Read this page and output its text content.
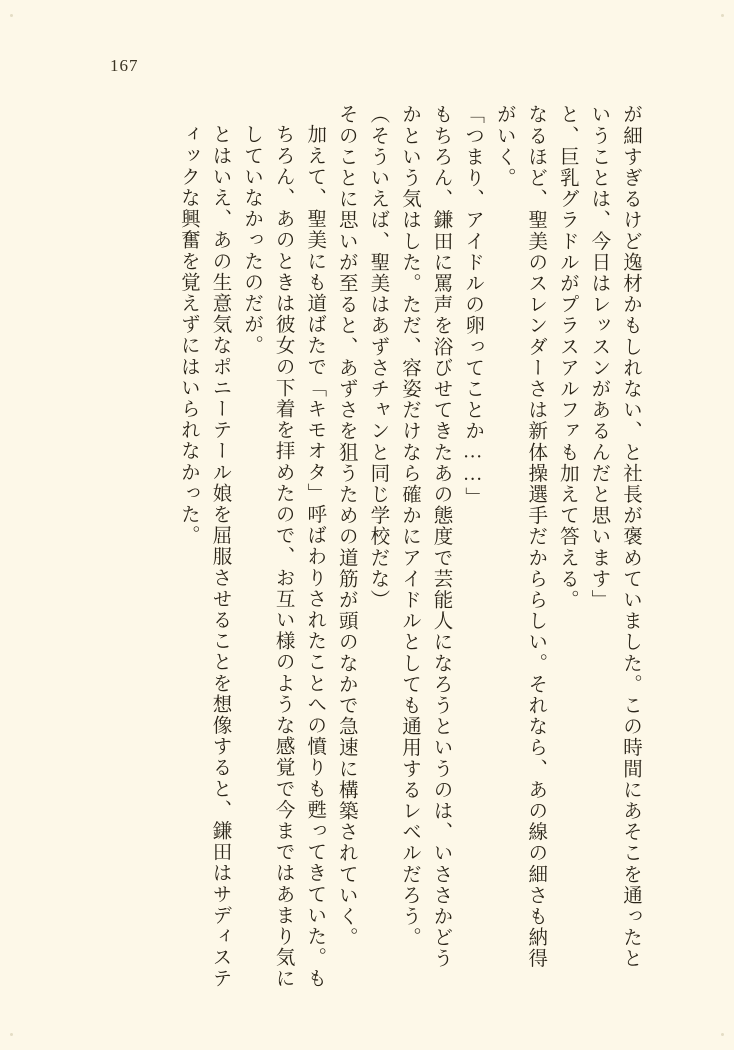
167

が細すぎるけど逸材かもしれない、と社長が褒めていました。この時間にあそこを通ったということは、今日はレッスンがあるんだと思います」

と、巨乳グラドルがプラスアルファも加えて答える。

なるほど、聖美のスレンダーさは新体操選手だかららしい。それなら、あの線の細さも納得がいく。

「つまり、アイドルの卵ってことか……」

もちろん、鎌田に罵声を浴びせてきたあの態度で芸能人になろうというのは、いささかどうかという気はした。ただ、容姿だけなら確かにアイドルとしても通用するレベルだろう。

（そういえば、聖美はあずさチャンと同じ学校だな）

そのことに思いが至ると、あずさを狙うための道筋が頭のなかで急速に構築されていく。

加えて、聖美にも道ばたで「キモオタ」呼ばわりされたことへの憤りも甦ってきていた。もちろん、あのときは彼女の下着を拝めたので、お互い様のような感覚で今まではあまり気にしていなかったのだが。

とはいえ、あの生意気なポニーテール娘を屈服させることを想像すると、鎌田はサディスティックな興奮を覚えずにはいられなかった。
